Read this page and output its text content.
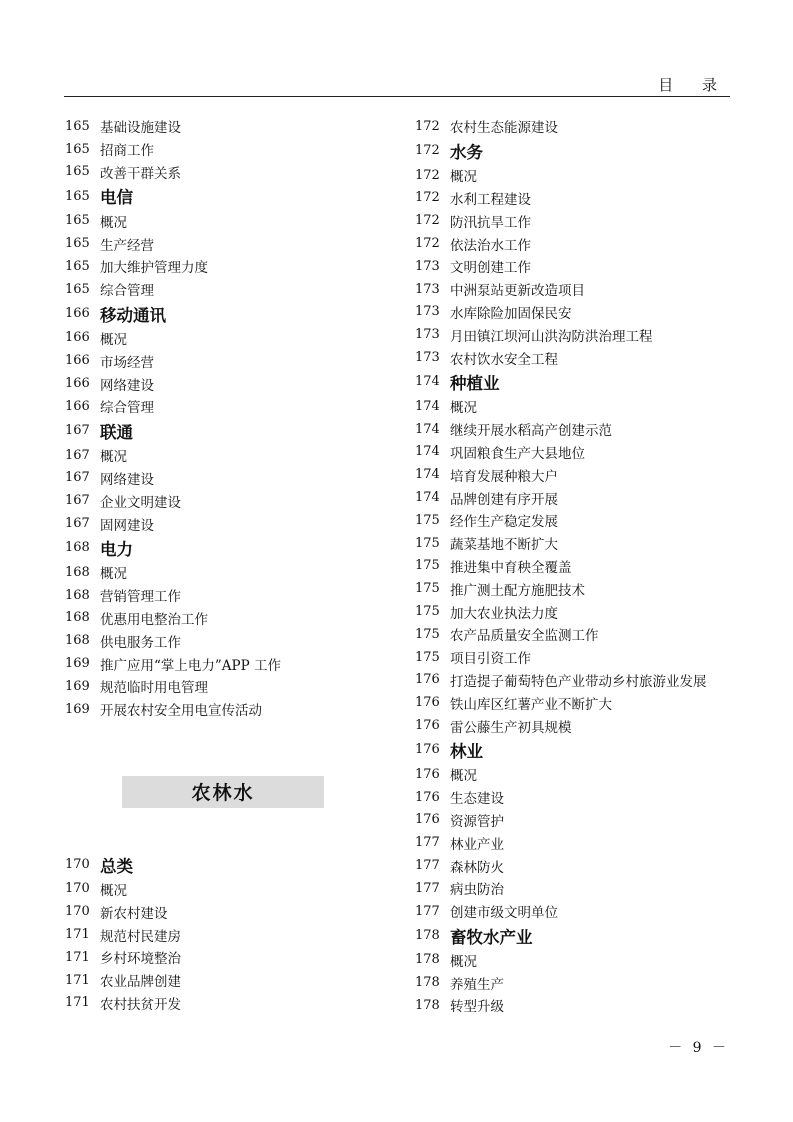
目 录
165 基础设施建设
165 招商工作
165 改善干群关系
165 电信
165 概况
165 生产经营
165 加大维护管理力度
165 综合管理
166 移动通讯
166 概况
166 市场经营
166 网络建设
166 综合管理
167 联通
167 概况
167 网络建设
167 企业文明建设
167 固网建设
168 电力
168 概况
168 营销管理工作
168 优惠用电整治工作
168 供电服务工作
169 推广应用“掌上电力”APP 工作
169 规范临时用电管理
169 开展农村安全用电宣传活动
农林水
170 总类
170 概况
170 新农村建设
171 规范村民建房
171 乡村环境整治
171 农业品牌创建
171 农村扶贫开发
172 农村生态能源建设
172 水务
172 概况
172 水利工程建设
172 防汛抗旱工作
172 依法治水工作
173 文明创建工作
173 中洲泵站更新改造项目
173 水库除险加固保民安
173 月田镇江坝河山洪沟防洪治理工程
173 农村饮水安全工程
174 种植业
174 概况
174 继续开展水稻高产创建示范
174 巩固粮食生产大县地位
174 培育发展种粮大户
174 品牌创建有序开展
175 经作生产稳定发展
175 蔬菜基地不断扩大
175 推进集中育秧全覆盖
175 推广测土配方施肥技术
175 加大农业执法力度
175 农产品质量安全监测工作
175 项目引资工作
176 打造提子葡萄特色产业带动乡村旅游业发展
176 铁山库区红薯产业不断扩大
176 雷公藤生产初具规模
176 林业
176 概况
176 生态建设
176 资源管护
177 林业产业
177 森林防火
177 病虫防治
177 创建市级文明单位
178 畜牧水产业
178 概况
178 养殖生产
178 转型升级
－ 9 －
